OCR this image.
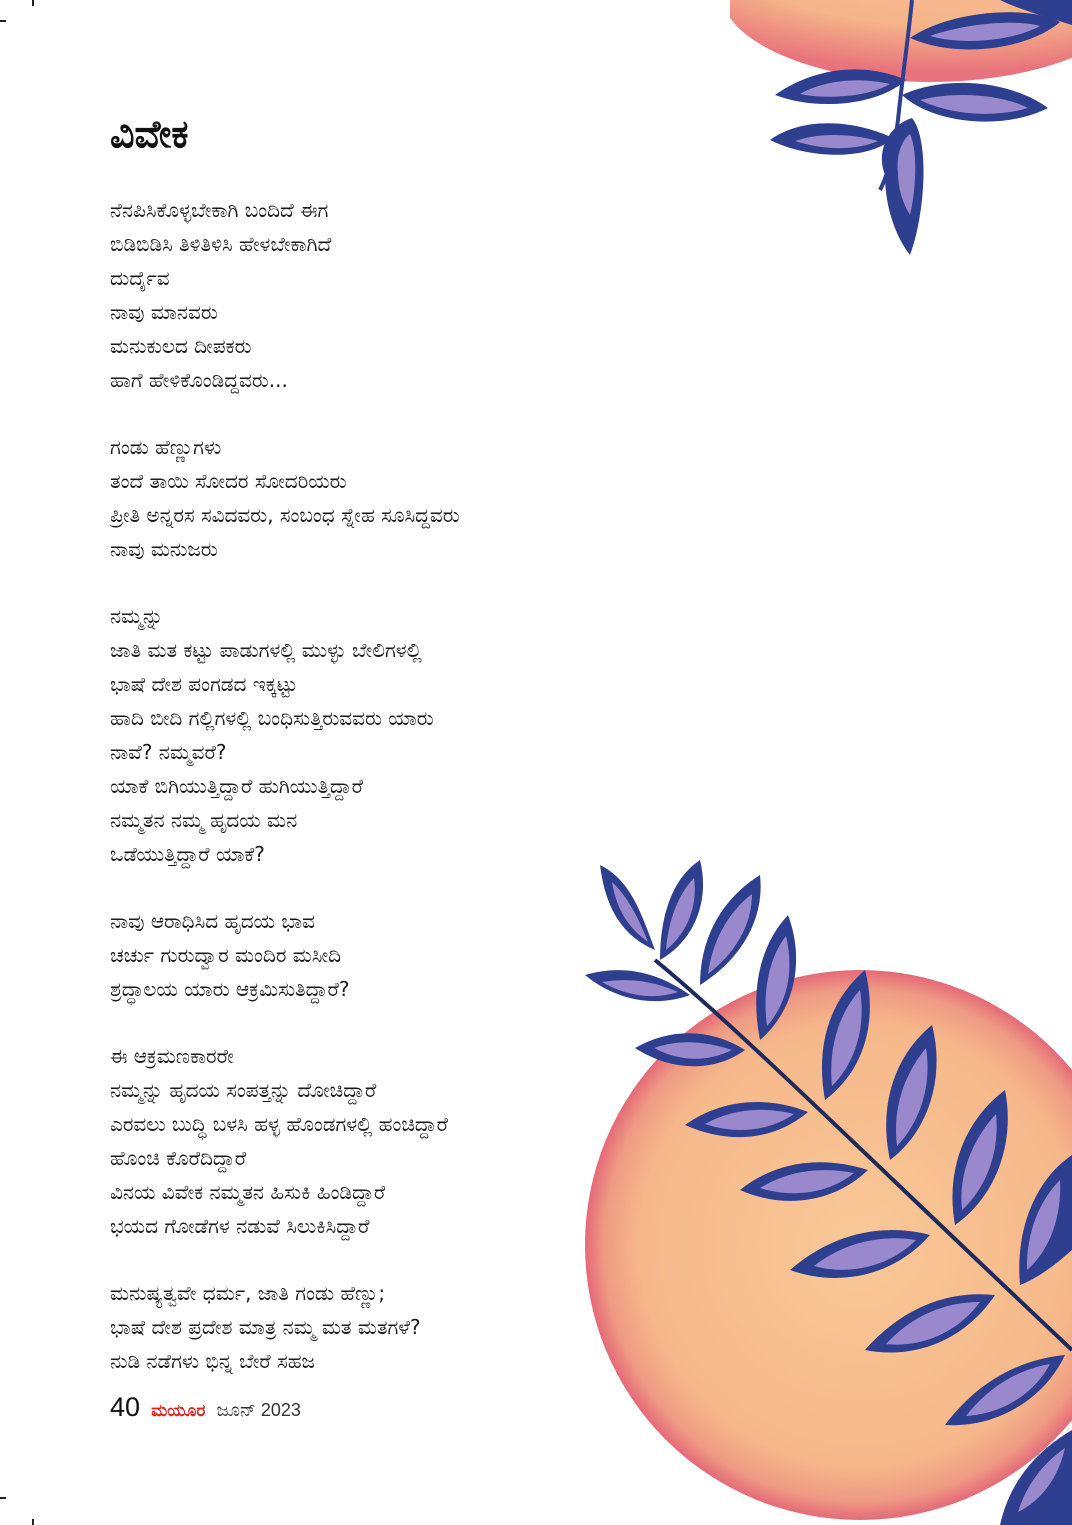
ವಿವೇಕ
ನೆನಪಿಸಿಕೊಳ್ಳಬೇಕಾಗಿ ಬಂದಿದೆ ಈಗ
ಬಿಡಿಬಿಡಿಸಿ ತಿಳಿತಿಳಿಸಿ ಹೇಳಬೇಕಾಗಿದೆ
ದುರ್ದೈವ
ನಾವು ಮಾನವರು
ಮನುಕುಲದ ದೀಪಕರು
ಹಾಗೆ ಹೇಳಿಕೊಂಡಿದ್ದವರು...
ಗಂಡು ಹೆಣ್ಣುಗಳು
ತಂದೆ ತಾಯಿ ಸೋದರ ಸೋದರಿಯರು
ಪ್ರೀತಿ ಅನ್ನರಸ ಸವಿದವರು, ಸಂಬಂಧ ಸ್ನೇಹ ಸೂಸಿದ್ದವರು
ನಾವು ಮನುಜರು
ನಮ್ಮನ್ನು
ಜಾತಿ ಮತ ಕಟ್ಟು ಪಾಡುಗಳಲ್ಲಿ ಮುಳ್ಳು ಬೇಲಿಗಳಲ್ಲಿ
ಭಾಷೆ ದೇಶ ಪಂಗಡದ ಇಕ್ಕಟ್ಟು
ಹಾದಿ ಬೀದಿ ಗಲ್ಲಿಗಳಲ್ಲಿ ಬಂಧಿಸುತ್ತಿರುವವರು ಯಾರು
ನಾವೆ? ನಮ್ಮವರೆ?
ಯಾಕೆ ಬಿಗಿಯುತ್ತಿದ್ದಾರೆ ಹುಗಿಯುತ್ತಿದ್ದಾರೆ
ನಮ್ಮತನ ನಮ್ಮ ಹೃದಯ ಮನ
ಒಡೆಯುತ್ತಿದ್ದಾರೆ ಯಾಕೆ?
ನಾವು ಆರಾಧಿಸಿದ ಹೃದಯ ಭಾವ
ಚರ್ಚು ಗುರುದ್ವಾರ ಮಂದಿರ ಮಸೀದಿ
ಶ್ರದ್ಧಾಲಯ ಯಾರು ಆಕ್ರಮಿಸುತಿದ್ದಾರೆ?
ಈ ಆಕ್ರಮಣಕಾರರೇ
ನಮ್ಮನ್ನು ಹೃದಯ ಸಂಪತ್ತನ್ನು ದೋಚಿದ್ದಾರೆ
ಎರವಲು ಬುದ್ಧಿ ಬಳಸಿ ಹಳ್ಳ ಹೊಂಡಗಳಲ್ಲಿ ಹಂಚಿದ್ದಾರೆ
ಹೊಂಚಿ ಕೊರೆದಿದ್ದಾರೆ
ವಿನಯ ವಿವೇಕ ನಮ್ಮತನ ಹಿಸುಕಿ ಹಿಂಡಿದ್ದಾರೆ
ಭಯದ ಗೋಡೆಗಳ ನಡುವೆ ಸಿಲುಕಿಸಿದ್ದಾರೆ
ಮನುಷ್ಯತ್ವವೇ ಧರ್ಮ, ಜಾತಿ ಗಂಡು ಹೆಣ್ಣು;
ಭಾಷೆ ದೇಶ ಪ್ರದೇಶ ಮಾತ್ರ ನಮ್ಮ ಮತ ಮತಗಳೆ?
ನುಡಿ ನಡೆಗಳು ಭಿನ್ನ ಬೇರೆ ಸಹಜ
40 ಮಯೂರ ಜೂನ್ 2023
